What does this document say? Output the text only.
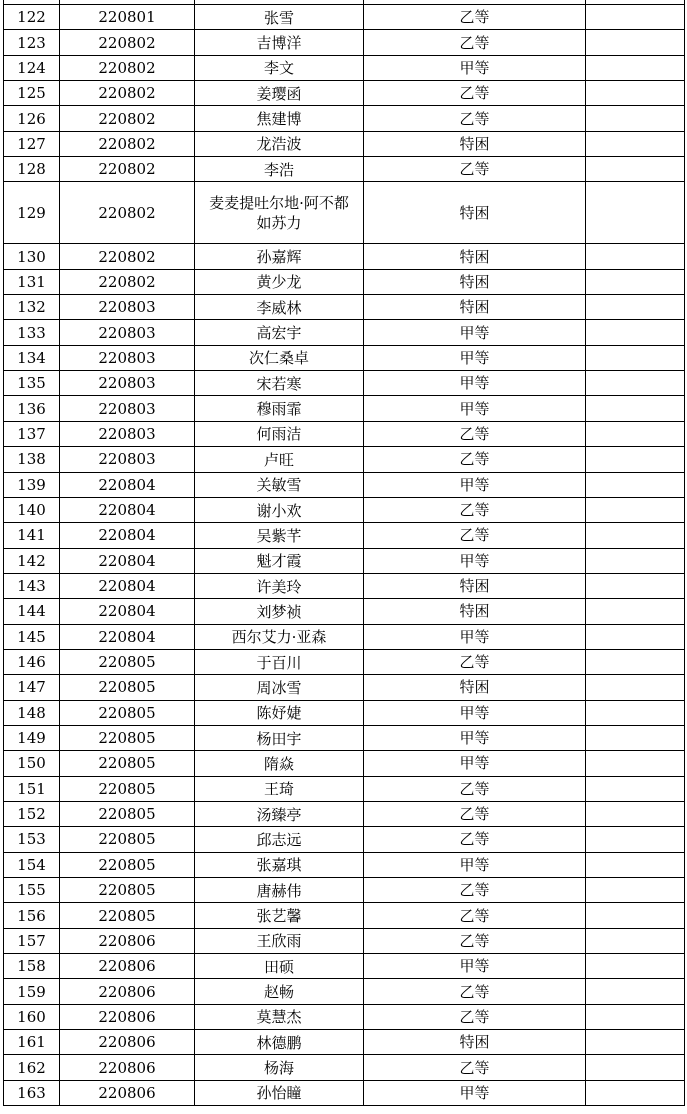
122	220801	张雪	乙等	
123	220802	吉博洋	乙等	
124	220802	李文	甲等	
125	220802	姜璎函	乙等	
126	220802	焦建博	乙等	
127	220802	龙浩波	特困	
128	220802	李浩	乙等	
129	220802	麦麦提吐尔地·阿不都如苏力	特困	
130	220802	孙嘉辉	特困	
131	220802	黄少龙	特困	
132	220803	李威林	特困	
133	220803	高宏宇	甲等	
134	220803	次仁桑卓	甲等	
135	220803	宋若寒	甲等	
136	220803	穆雨霏	甲等	
137	220803	何雨洁	乙等	
138	220803	卢旺	乙等	
139	220804	关敏雪	甲等	
140	220804	谢小欢	乙等	
141	220804	吴紫芊	乙等	
142	220804	魁才霞	甲等	
143	220804	许美玲	特困	
144	220804	刘梦祯	特困	
145	220804	西尔艾力·亚森	甲等	
146	220805	于百川	乙等	
147	220805	周冰雪	特困	
148	220805	陈妤婕	甲等	
149	220805	杨田宇	甲等	
150	220805	隋焱	甲等	
151	220805	王琦	乙等	
152	220805	汤臻亭	乙等	
153	220805	邱志远	乙等	
154	220805	张嘉琪	甲等	
155	220805	唐赫伟	乙等	
156	220805	张艺馨	乙等	
157	220806	王欣雨	乙等	
158	220806	田硕	甲等	
159	220806	赵畅	乙等	
160	220806	莫慧杰	乙等	
161	220806	林德鹏	特困	
162	220806	杨海	乙等	
163	220806	孙怡瞳	甲等	
